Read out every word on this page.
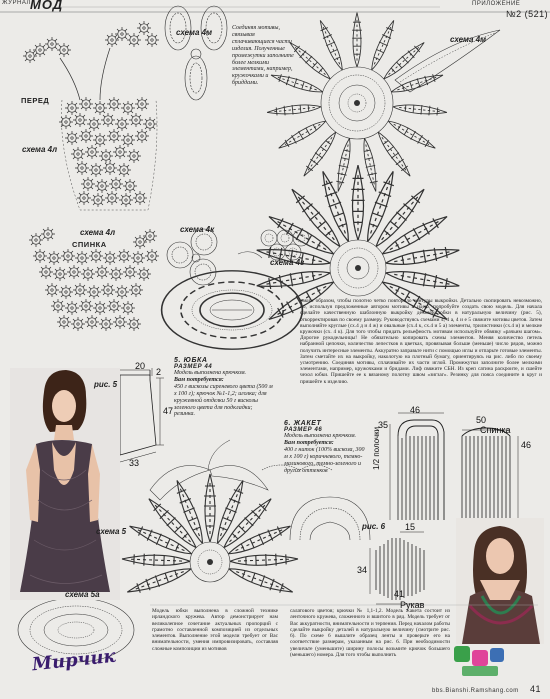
ЖУРНАЛ МОД	ПРИЛОЖЕНИЕ
№2 (521)
ПЕРЕД
схема 4л
схема 4м
схема 4м
схема 4л
СПИНКА
схема 4к
схема 4з
рис. 5
схема 5
схема 5а
рис. 6
Рукав
Спинка
1/2 полочки
20
2
47
33
46
35	50
46
34
15
41
Соединяя мотивы, связывая сплачивающиеся части изделия. Полученные промежутки заполните более мелкими элементами, например, кружочками и бриддами.
5. ЮБКА
РАЗМЕР 44
Модель выполнена крючком.
Вам потребуется:
450 г вискозы сиреневого цвета (500 м x 100 г); крючок №1-1,2; иголка; для кружевной отделки 50 г вискозы зеленого цвета для подкладки; резинка.
6. ЖАКЕТ
РАЗМЕР 46
Модель выполнена крючком.
Вам потребуется:
400 г ниток (100% вискоза, 300 м x 100 г) коричневого, темно-малинового, темно-зеленого и других оттенков
таким образом, чтобы полотно четко повторило контуры выкройки. Детально скопировать невозможно, но, используя предложенные автором мотивы и идею, попробуйте создать свою модель. Для начала сделайте качественную шаблонную выкройку деталей юбки в натуральную величину (рис. 5), откорректировав по своему размеру. Руководствуясь схемами 4, 4 а, 4 и е 5 свяжите мотивы цветов. Затем выполняйте круглые (сх.4 д и 4 ж) и овальные (сх.4 к, сх.4 и 5 а) элементы, трилистники (сх.4 и) и мелкие кружочки (сх. 4 к). Для того чтобы придать рельефность мотивам используйте обвязку «рачьим шагом». Дорогие рукодельницы! Не обязательно копировать схемы элементов. Меняя количество петель набранной цепочки, количество лепестков в цветках, провязывая больше (меньше) число рядов, можно получить интересные элементы. Аккуратно заправьте нити с помощью иглы и отпарьте готовые элементы. Затем сметайте их на выкройку, наколотую на плотный бумагу, ориентируясь на рис. либо по своему усмотрению. Соединяя мотивы, сплачивайте их части иглой. Промежутки заполните более мелкими элементами, например, кружочками и бридами. Лиф свяжите СБН. Из креп сатина раскроите, и сшейте чехол юбки. Пришейте ее к вязаному полотну швом «зигзаг». Резинку для пояса соедините в круг и пришейте к изделию.
Модель юбки выполнена в сложной технике ирландского кружева. Автор демонстрирует нам великолепное сочетание актуальных пропорций с грамотно составленной композицией из отдельных элементов. Выполнение этой модели требует от Вас внимательности, умения импровизировать, составляя сложные композиции из мотивов
салатового цветов; крючки № 1,1-1,2. Модель жакета состоит из ленточного кружева, сложенного и вшитого в ряд. Модель требует от Вас аккуратности, внимательности и терпения. Перед началом работы сделайте выкройку деталей в натуральную величину (смотрите рис. 6). По схеме 6 вышлите образец ленты и проверьте его на соответствие размерам, указанным на рис. 6. При необходимости увеличьте (уменьшите) ширину полосы возьмите крючок большего (меньшего) номера. Для того чтобы выполнить
Мирчик
bbs.Bianshi.Ramshang.com 41
